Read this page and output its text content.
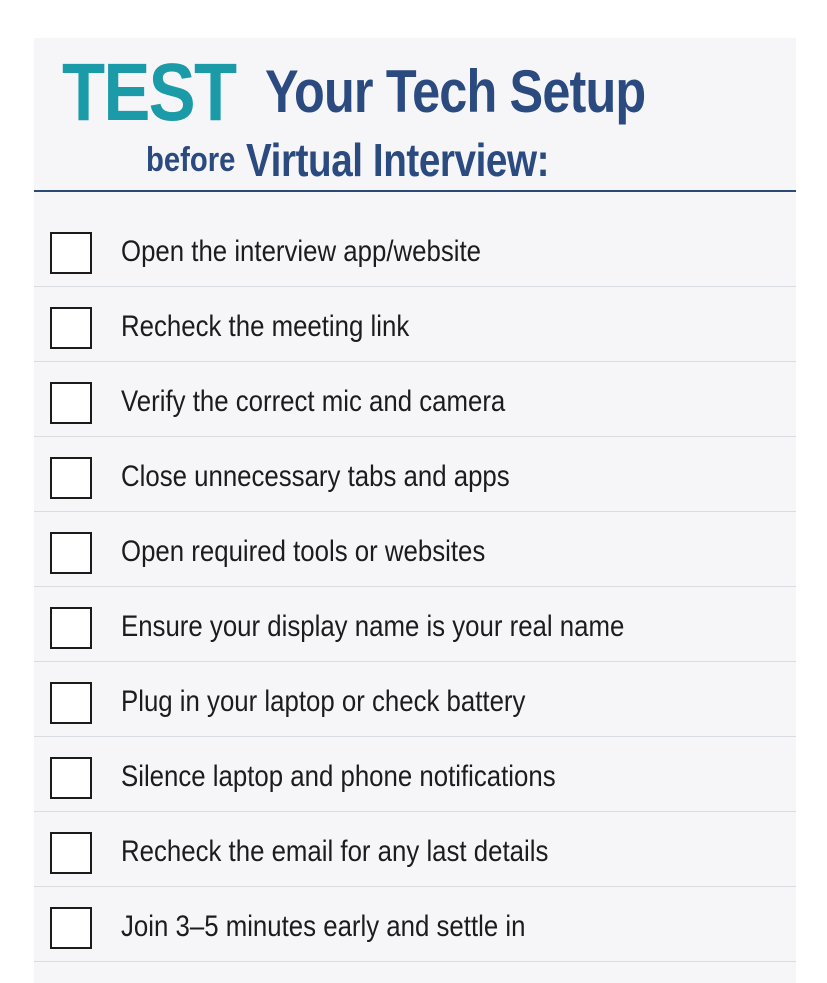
TEST Your Tech Setup
before Virtual Interview:
Open the interview app/website
Recheck the meeting link
Verify the correct mic and camera
Close unnecessary tabs and apps
Open required tools or websites
Ensure your display name is your real name
Plug in your laptop or check battery
Silence laptop and phone notifications
Recheck the email for any last details
Join 3–5 minutes early and settle in
